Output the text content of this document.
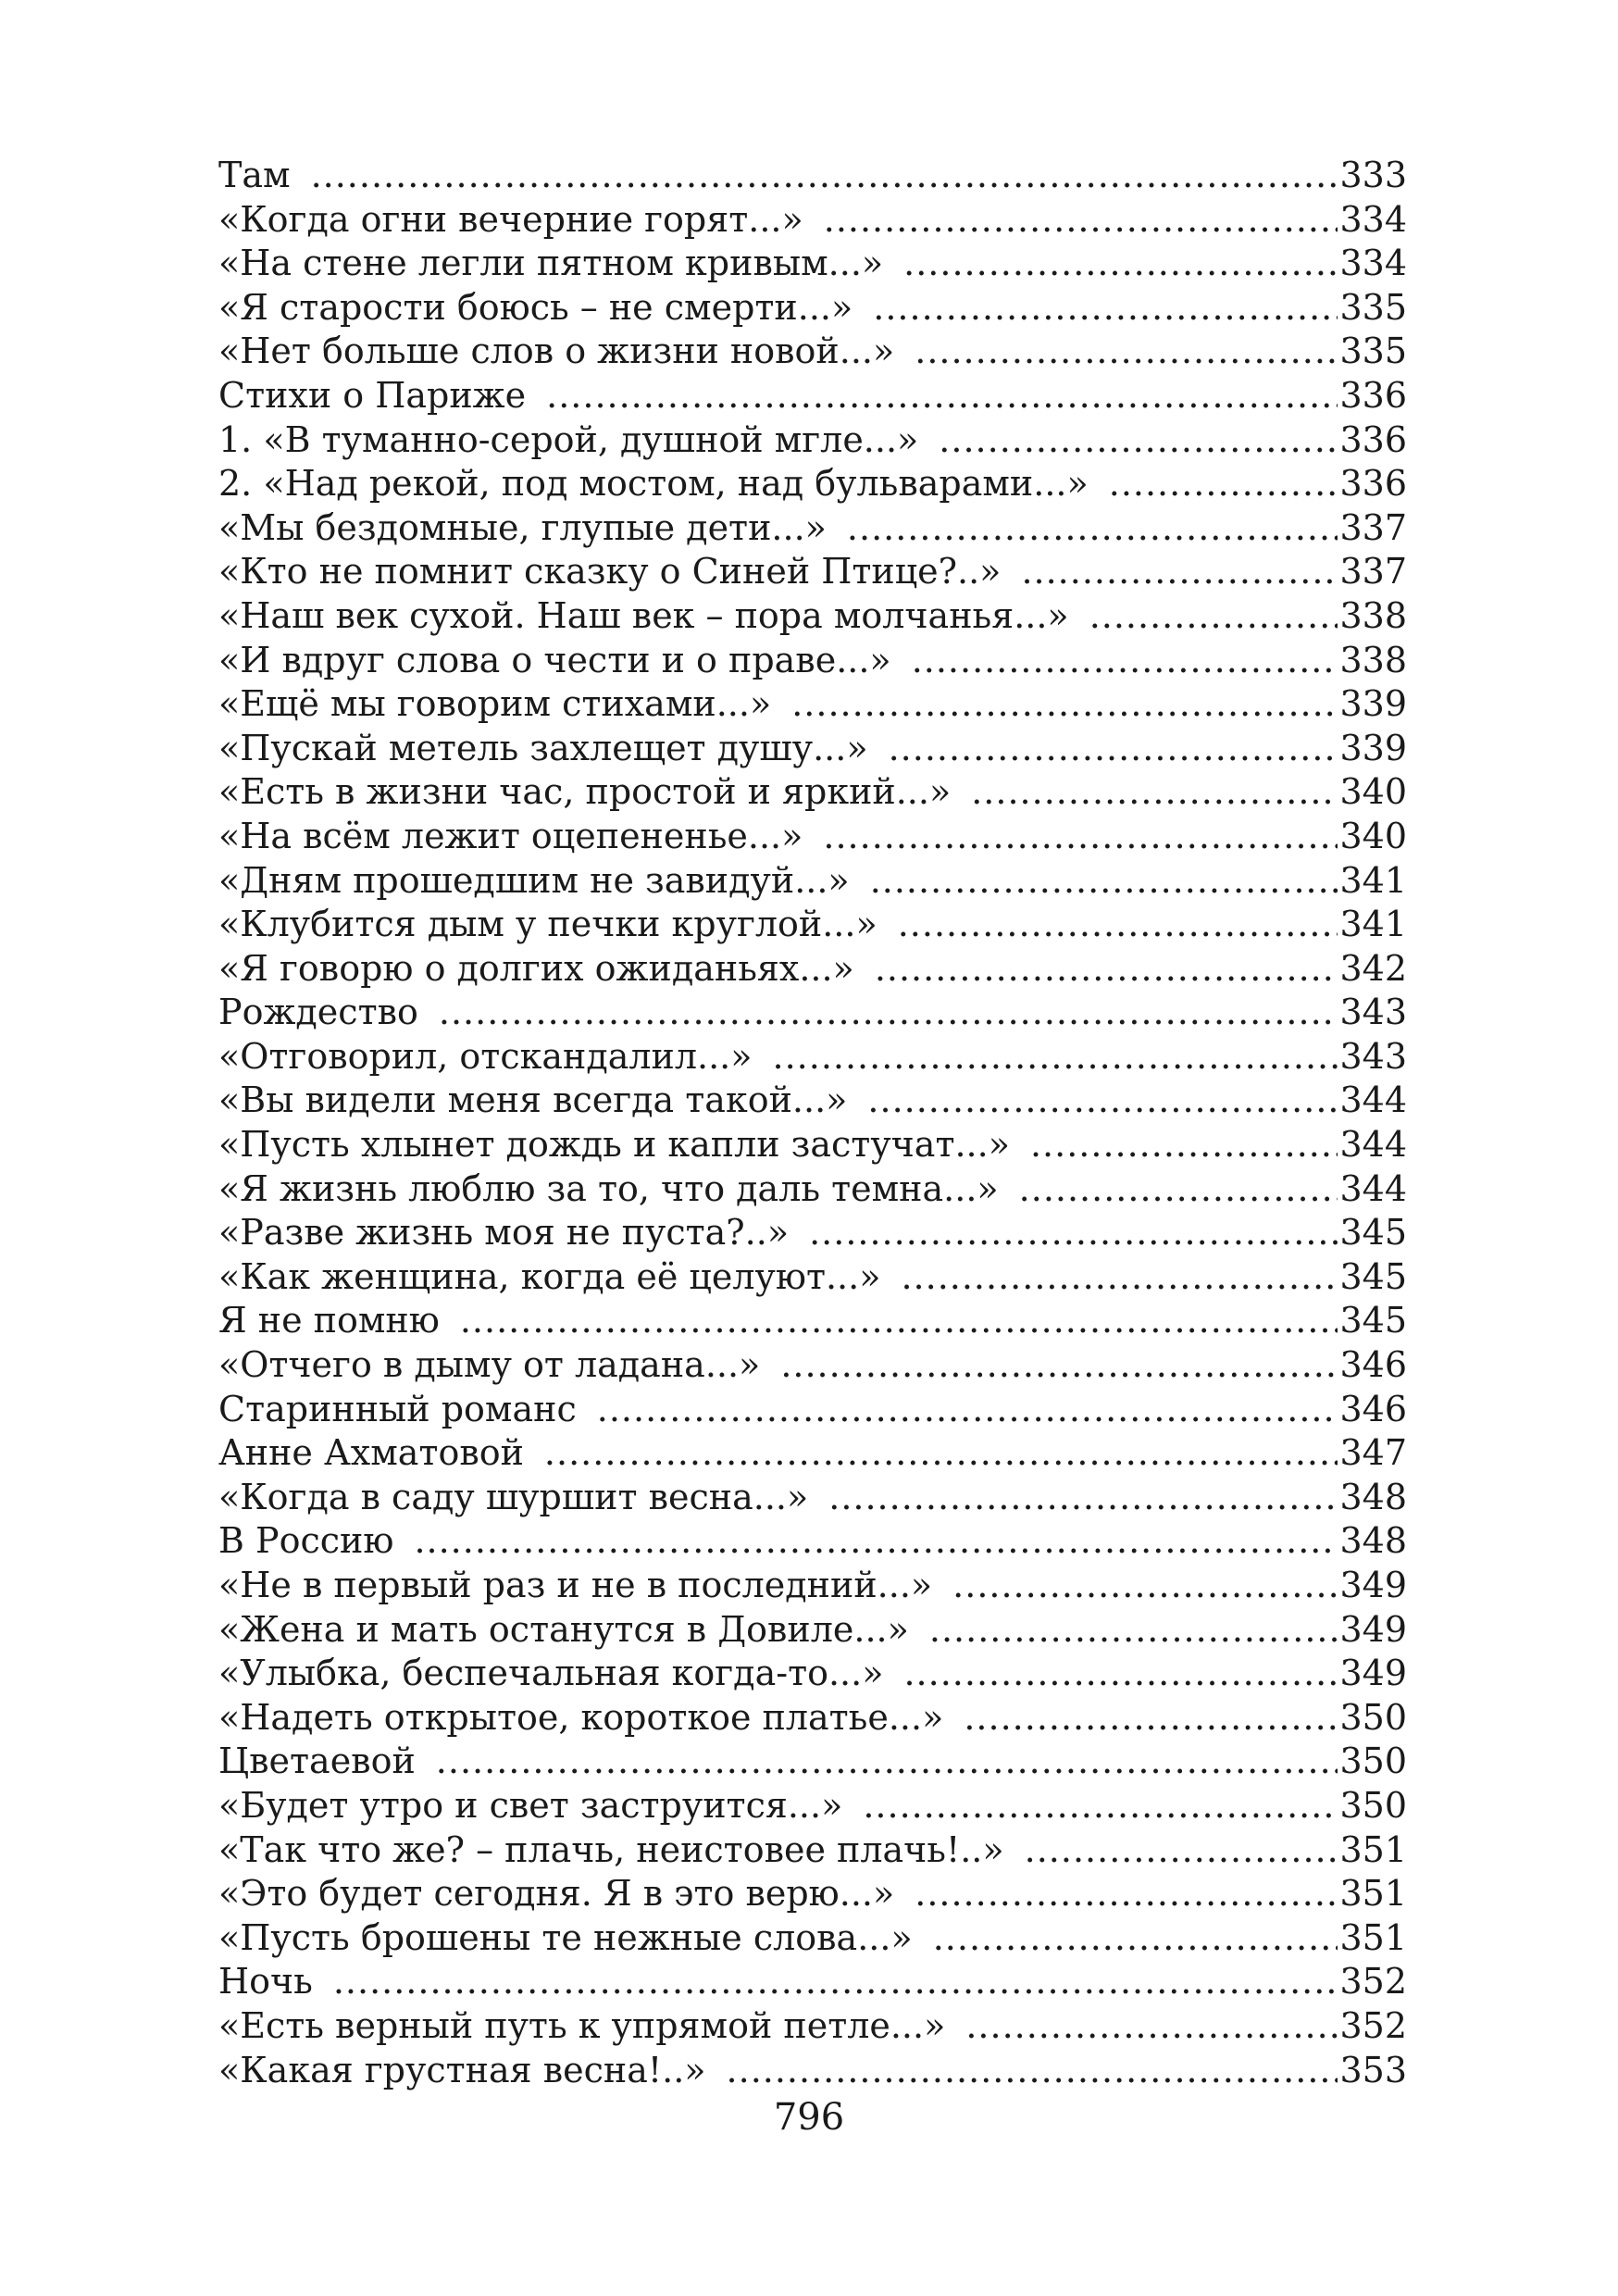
Там .....	333
«Когда огни вечерние горят...» .....	334
«На стене легли пятном кривым...» .....	334
«Я старости боюсь – не смерти...» .....	335
«Нет больше слов о жизни новой...» .....	335
Стихи о Париже .....	336
1. «В туманно-серой, душной мгле...» .....	336
2. «Над рекой, под мостом, над бульварами...» .....	336
«Мы бездомные, глупые дети...» .....	337
«Кто не помнит сказку о Синей Птице?..» .....	337
«Наш век сухой. Наш век – пора молчанья...» .....	338
«И вдруг слова о чести и о праве...» .....	338
«Ещё мы говорим стихами...» .....	339
«Пускай метель захлещет душу...» .....	339
«Есть в жизни час, простой и яркий...» .....	340
«На всём лежит оцепененье...» .....	340
«Дням прошедшим не завидуй...» .....	341
«Клубится дым у печки круглой...» .....	341
«Я говорю о долгих ожиданьях...» .....	342
Рождество .....	343
«Отговорил, отскандалил...» .....	343
«Вы видели меня всегда такой...» .....	344
«Пусть хлынет дождь и капли застучат...» .....	344
«Я жизнь люблю за то, что даль темна...» .....	344
«Разве жизнь моя не пуста?..» .....	345
«Как женщина, когда её целуют...» .....	345
Я не помню .....	345
«Отчего в дыму от ладана...» .....	346
Старинный романс .....	346
Анне Ахматовой .....	347
«Когда в саду шуршит весна...» .....	348
В Россию .....	348
«Не в первый раз и не в последний...» .....	349
«Жена и мать останутся в Довиле...» .....	349
«Улыбка, беспечальная когда-то...» .....	349
«Надеть открытое, короткое платье...» .....	350
Цветаевой .....	350
«Будет утро и свет заструится...» .....	350
«Так что же? – плачь, неистовее плачь!..» .....	351
«Это будет сегодня. Я в это верю...» .....	351
«Пусть брошены те нежные слова...» .....	351
Ночь .....	352
«Есть верный путь к упрямой петле...» .....	352
«Какая грустная весна!..» .....	353
796
